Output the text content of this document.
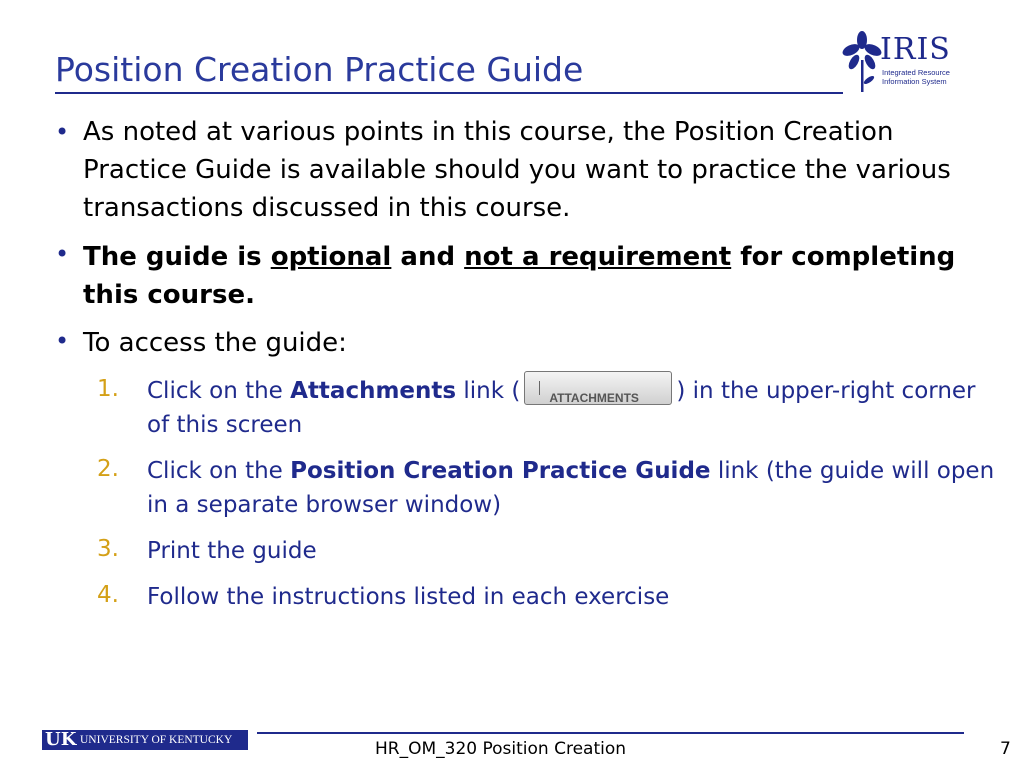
Position Creation Practice Guide
IRIS
Integrated Resource
Information System
• As noted at various points in this course, the Position Creation Practice Guide is available should you want to practice the various transactions discussed in this course.
• The guide is optional and not a requirement for completing this course.
• To access the guide:
1. Click on the Attachments link ( ATTACHMENTS ) in the upper-right corner of this screen
2. Click on the Position Creation Practice Guide link (the guide will open in a separate browser window)
3. Print the guide
4. Follow the instructions listed in each exercise
UK UNIVERSITY OF KENTUCKY	HR_OM_320 Position Creation	7
